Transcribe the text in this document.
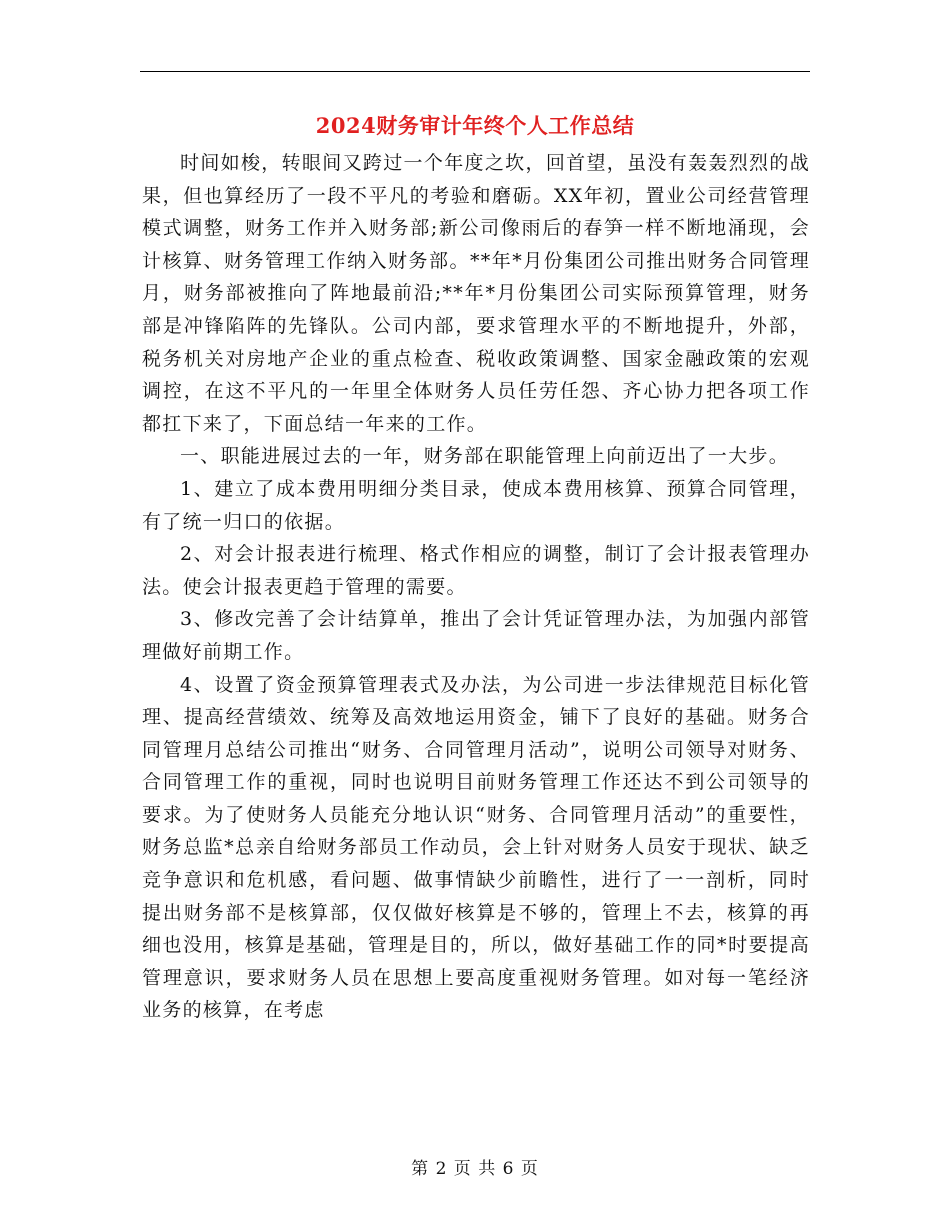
2024财务审计年终个人工作总结

时间如梭，转眼间又跨过一个年度之坎，回首望，虽没有轰轰烈烈的战果，但也算经历了一段不平凡的考验和磨砺。XX年初，置业公司经营管理模式调整，财务工作并入财务部;新公司像雨后的春笋一样不断地涌现，会计核算、财务管理工作纳入财务部。**年*月份集团公司推出财务合同管理月，财务部被推向了阵地最前沿;**年*月份集团公司实际预算管理，财务部是冲锋陷阵的先锋队。公司内部，要求管理水平的不断地提升，外部，税务机关对房地产企业的重点检查、税收政策调整、国家金融政策的宏观调控，在这不平凡的一年里全体财务人员任劳任怨、齐心协力把各项工作都扛下来了，下面总结一年来的工作。

一、职能进展过去的一年，财务部在职能管理上向前迈出了一大步。

1、建立了成本费用明细分类目录，使成本费用核算、预算合同管理，有了统一归口的依据。

2、对会计报表进行梳理、格式作相应的调整，制订了会计报表管理办法。使会计报表更趋于管理的需要。

3、修改完善了会计结算单，推出了会计凭证管理办法，为加强内部管理做好前期工作。

4、设置了资金预算管理表式及办法，为公司进一步法律规范目标化管理、提高经营绩效、统筹及高效地运用资金，铺下了良好的基础。财务合同管理月总结公司推出“财务、合同管理月活动”，说明公司领导对财务、合同管理工作的重视，同时也说明目前财务管理工作还达不到公司领导的要求。为了使财务人员能充分地认识“财务、合同管理月活动”的重要性，财务总监*总亲自给财务部员工作动员，会上针对财务人员安于现状、缺乏竞争意识和危机感，看问题、做事情缺少前瞻性，进行了一一剖析，同时提出财务部不是核算部，仅仅做好核算是不够的，管理上不去，核算的再细也没用，核算是基础，管理是目的，所以，做好基础工作的同*时要提高管理意识，要求财务人员在思想上要高度重视财务管理。如对每一笔经济业务的核算，在考虑

第 2 页 共 6 页
